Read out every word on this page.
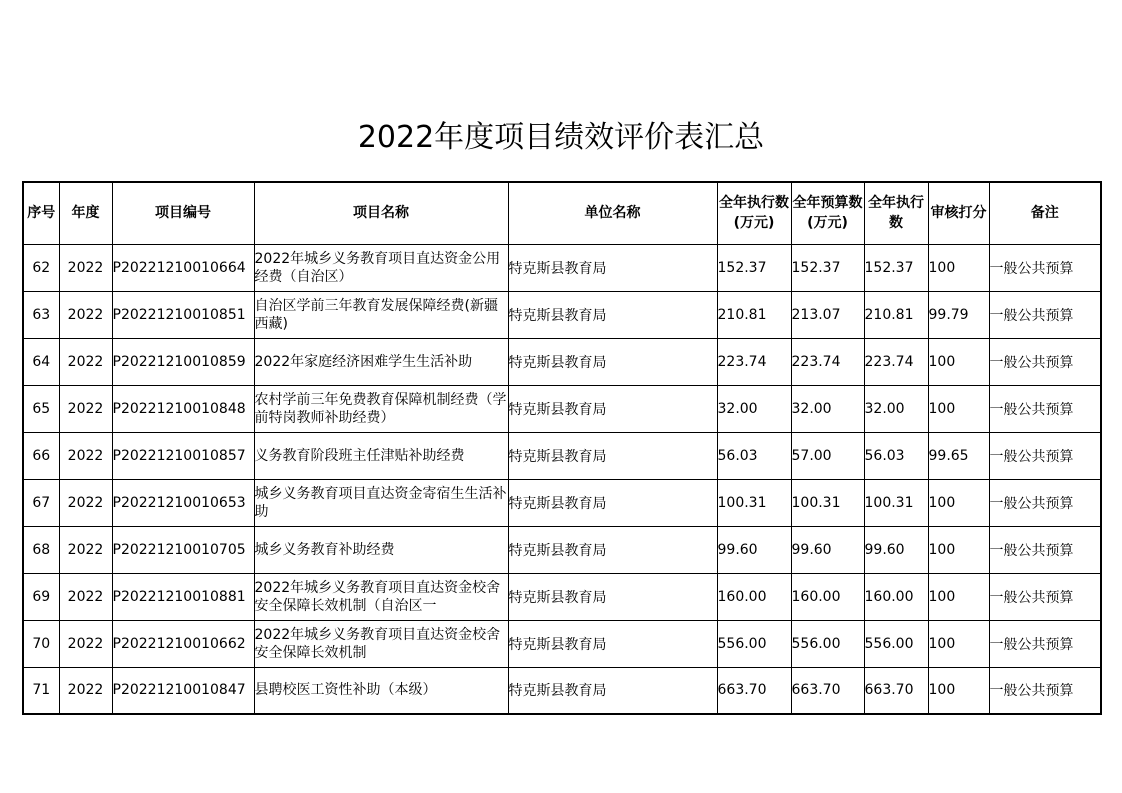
2022年度项目绩效评价表汇总
序号	年度	项目编号	项目名称	单位名称	全年执行数(万元)	全年预算数(万元)	全年执行数	审核打分	备注
62	2022	P20221210010664	2022年城乡义务教育项目直达资金公用经费（自治区）	特克斯县教育局	152.37	152.37	152.37	100	一般公共预算
63	2022	P20221210010851	自治区学前三年教育发展保障经费(新疆西藏)	特克斯县教育局	210.81	213.07	210.81	99.79	一般公共预算
64	2022	P20221210010859	2022年家庭经济困难学生生活补助	特克斯县教育局	223.74	223.74	223.74	100	一般公共预算
65	2022	P20221210010848	农村学前三年免费教育保障机制经费（学前特岗教师补助经费）	特克斯县教育局	32.00	32.00	32.00	100	一般公共预算
66	2022	P20221210010857	义务教育阶段班主任津贴补助经费	特克斯县教育局	56.03	57.00	56.03	99.65	一般公共预算
67	2022	P20221210010653	城乡义务教育项目直达资金寄宿生生活补助	特克斯县教育局	100.31	100.31	100.31	100	一般公共预算
68	2022	P20221210010705	城乡义务教育补助经费	特克斯县教育局	99.60	99.60	99.60	100	一般公共预算
69	2022	P20221210010881	2022年城乡义务教育项目直达资金校舍安全保障长效机制（自治区一	特克斯县教育局	160.00	160.00	160.00	100	一般公共预算
70	2022	P20221210010662	2022年城乡义务教育项目直达资金校舍安全保障长效机制	特克斯县教育局	556.00	556.00	556.00	100	一般公共预算
71	2022	P20221210010847	县聘校医工资性补助（本级）	特克斯县教育局	663.70	663.70	663.70	100	一般公共预算
